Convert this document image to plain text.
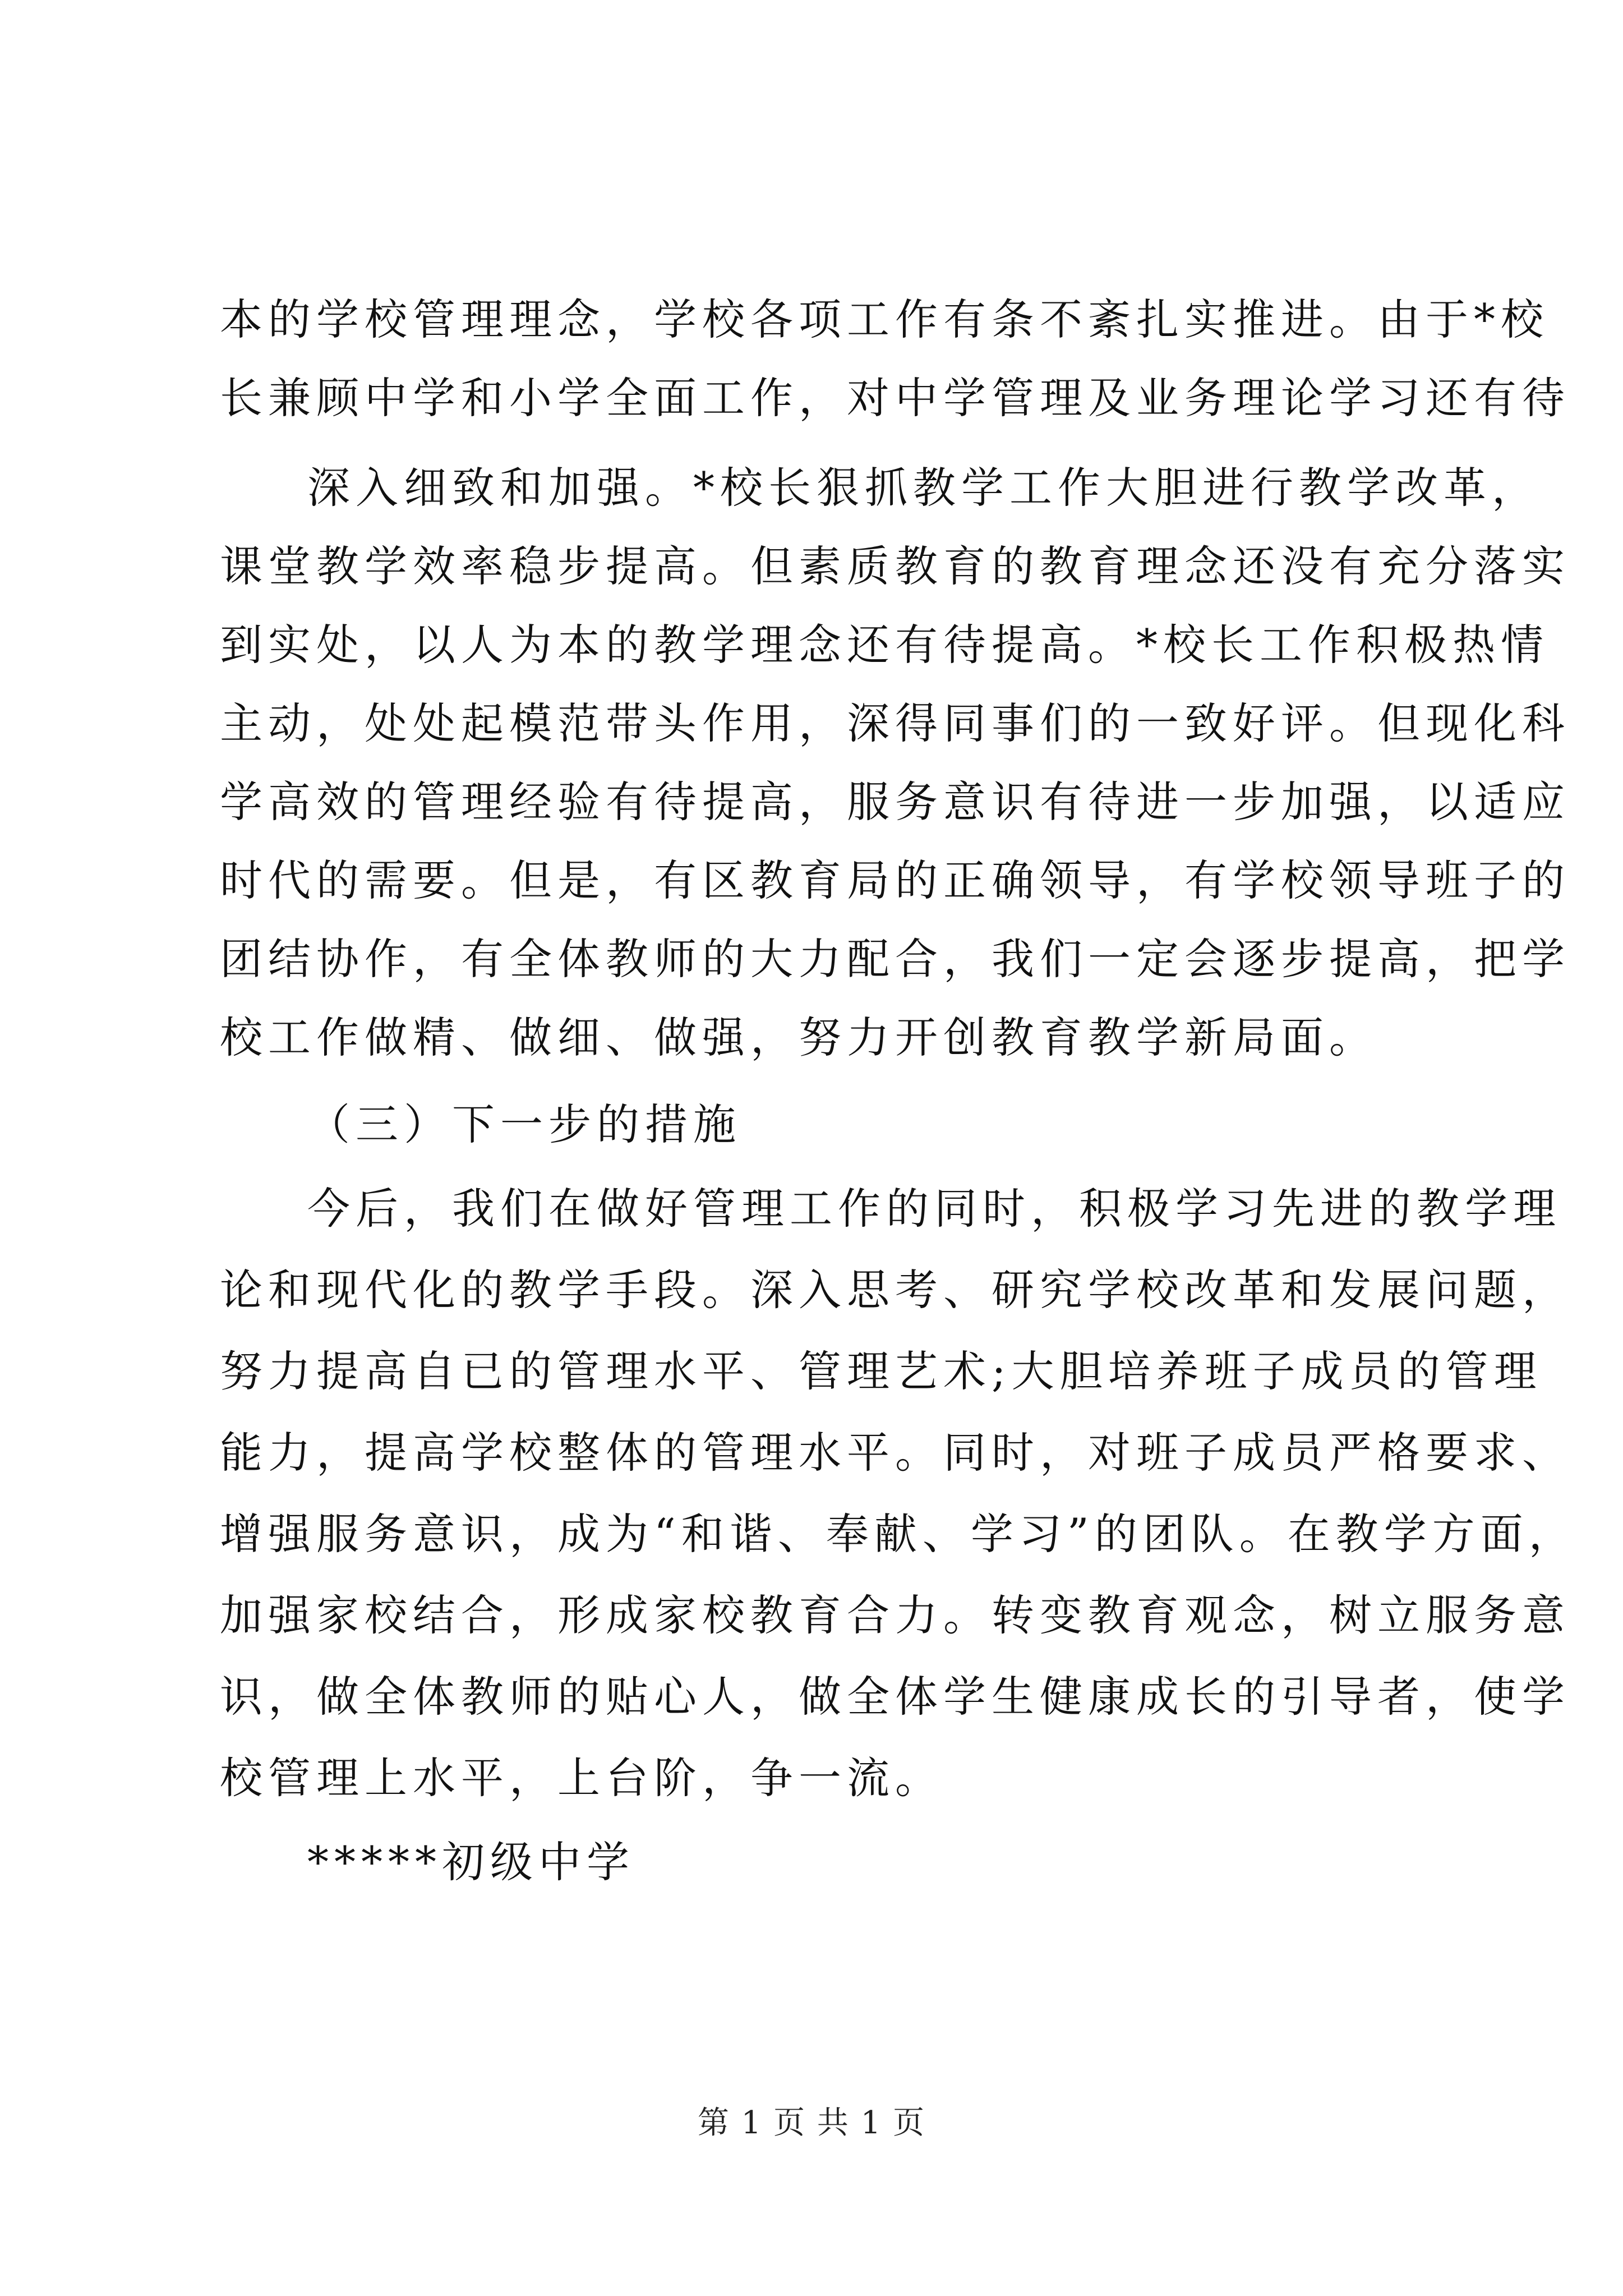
本的学校管理理念，学校各项工作有条不紊扎实推进。由于*校
长兼顾中学和小学全面工作，对中学管理及业务理论学习还有待
深入细致和加强。*校长狠抓教学工作大胆进行教学改革，
课堂教学效率稳步提高。但素质教育的教育理念还没有充分落实
到实处，以人为本的教学理念还有待提高。*校长工作积极热情
主动，处处起模范带头作用，深得同事们的一致好评。但现化科
学高效的管理经验有待提高，服务意识有待进一步加强，以适应
时代的需要。但是，有区教育局的正确领导，有学校领导班子的
团结协作，有全体教师的大力配合，我们一定会逐步提高，把学
校工作做精、做细、做强，努力开创教育教学新局面。
（三）下一步的措施
今后，我们在做好管理工作的同时，积极学习先进的教学理
论和现代化的教学手段。深入思考、研究学校改革和发展问题，
努力提高自已的管理水平、管理艺术;大胆培养班子成员的管理
能力，提高学校整体的管理水平。同时，对班子成员严格要求、
增强服务意识，成为“和谐、奉献、学习”的团队。在教学方面，
加强家校结合，形成家校教育合力。转变教育观念，树立服务意
识，做全体教师的贴心人，做全体学生健康成长的引导者，使学
校管理上水平，上台阶，争一流。
*****初级中学
第 1 页 共 1 页
